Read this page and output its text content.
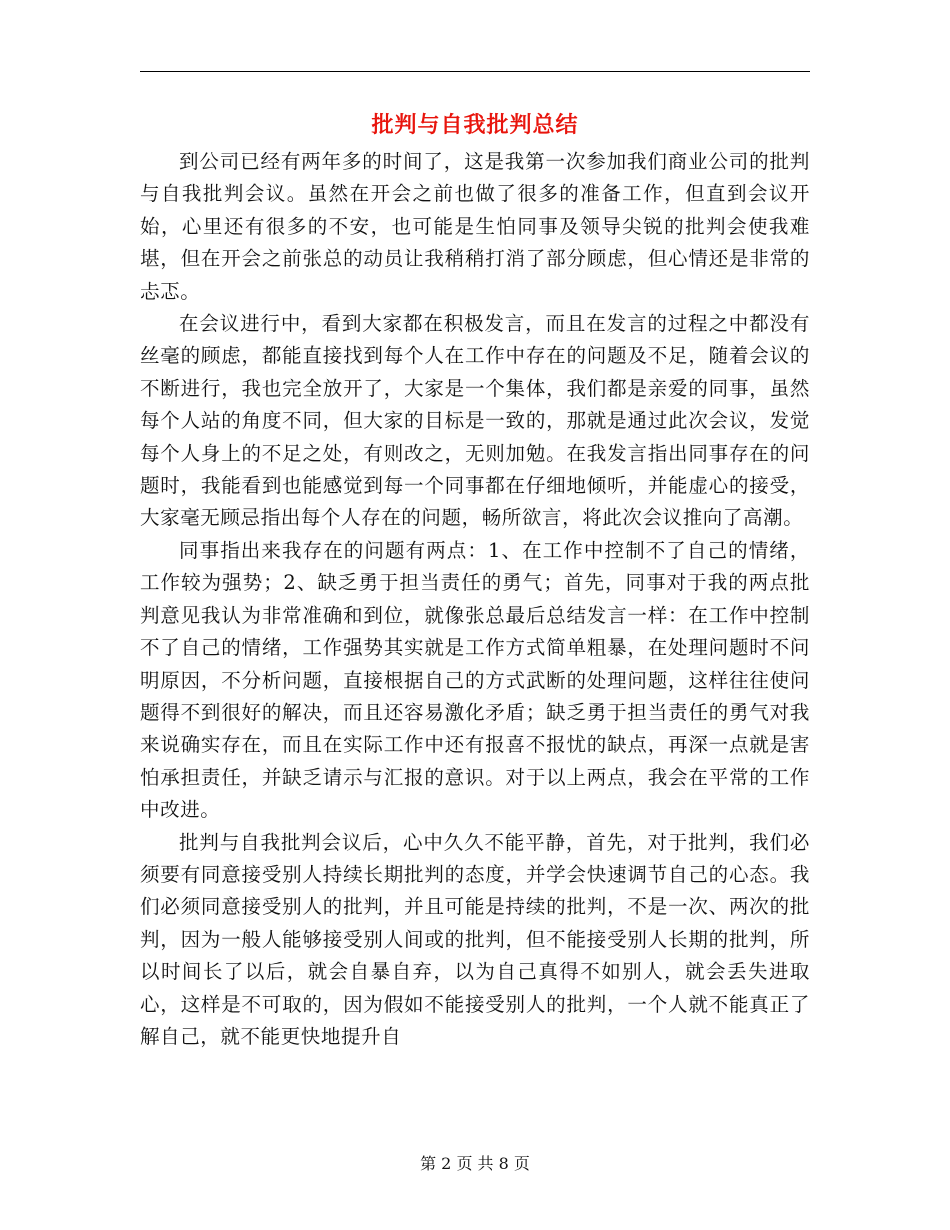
批判与自我批判总结

到公司已经有两年多的时间了，这是我第一次参加我们商业公司的批判与自我批判会议。虽然在开会之前也做了很多的准备工作，但直到会议开始，心里还有很多的不安，也可能是生怕同事及领导尖锐的批判会使我难堪，但在开会之前张总的动员让我稍稍打消了部分顾虑，但心情还是非常的忐忑。

在会议进行中，看到大家都在积极发言，而且在发言的过程之中都没有丝毫的顾虑，都能直接找到每个人在工作中存在的问题及不足，随着会议的不断进行，我也完全放开了，大家是一个集体，我们都是亲爱的同事，虽然每个人站的角度不同，但大家的目标是一致的，那就是通过此次会议，发觉每个人身上的不足之处，有则改之，无则加勉。在我发言指出同事存在的问题时，我能看到也能感觉到每一个同事都在仔细地倾听，并能虚心的接受，大家毫无顾忌指出每个人存在的问题，畅所欲言，将此次会议推向了高潮。

同事指出来我存在的问题有两点：1、在工作中控制不了自己的情绪，工作较为强势；2、缺乏勇于担当责任的勇气；首先，同事对于我的两点批判意见我认为非常准确和到位，就像张总最后总结发言一样：在工作中控制不了自己的情绪，工作强势其实就是工作方式简单粗暴，在处理问题时不问明原因，不分析问题，直接根据自己的方式武断的处理问题，这样往往使问题得不到很好的解决，而且还容易激化矛盾；缺乏勇于担当责任的勇气对我来说确实存在，而且在实际工作中还有报喜不报忧的缺点，再深一点就是害怕承担责任，并缺乏请示与汇报的意识。对于以上两点，我会在平常的工作中改进。

批判与自我批判会议后，心中久久不能平静，首先，对于批判，我们必须要有同意接受别人持续长期批判的态度，并学会快速调节自己的心态。我们必须同意接受别人的批判，并且可能是持续的批判，不是一次、两次的批判，因为一般人能够接受别人间或的批判，但不能接受别人长期的批判，所以时间长了以后，就会自暴自弃，以为自己真得不如别人，就会丢失进取心，这样是不可取的，因为假如不能接受别人的批判，一个人就不能真正了解自己，就不能更快地提升自

第 2 页 共 8 页
